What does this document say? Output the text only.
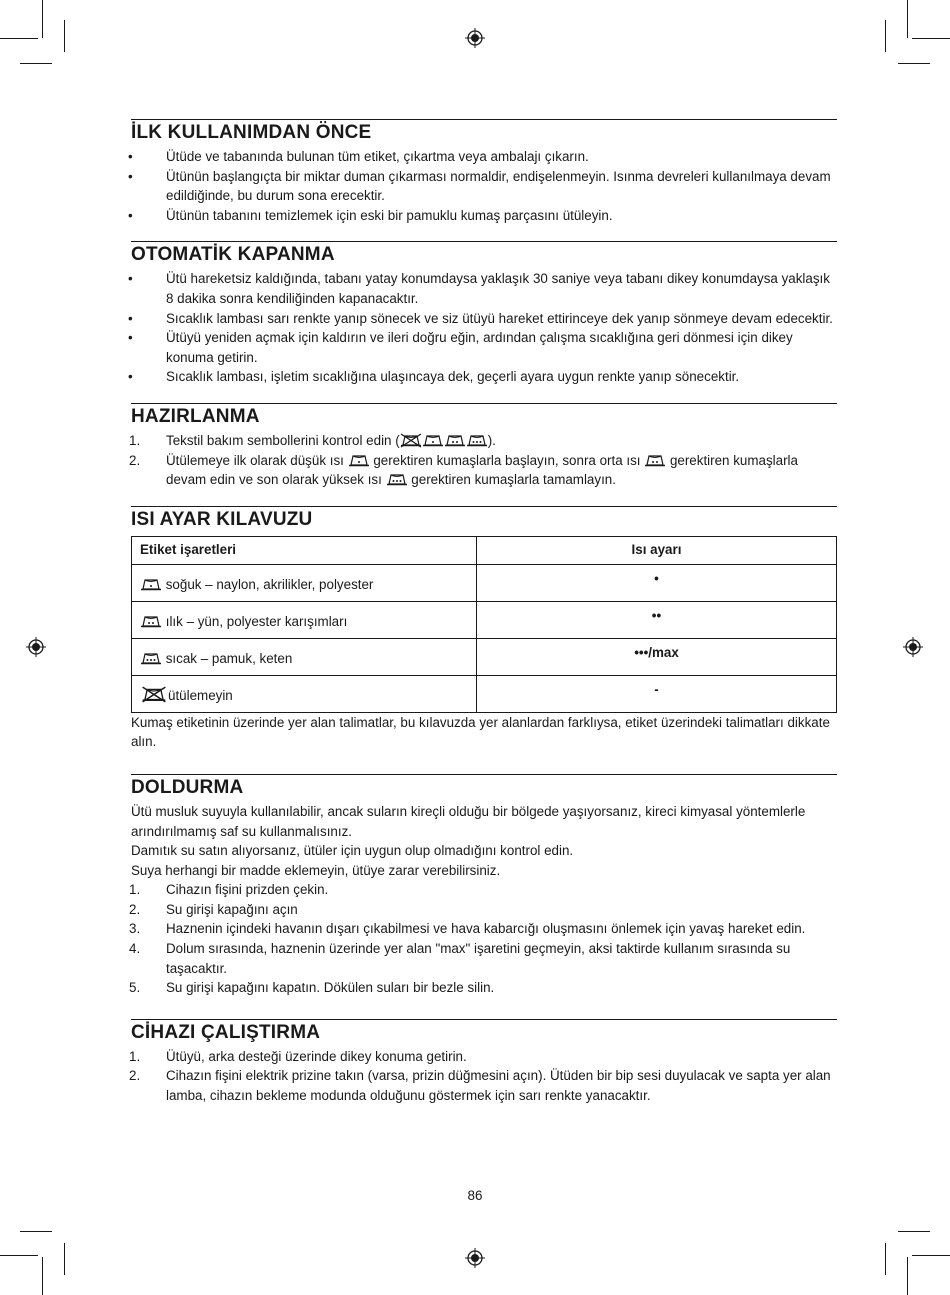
İLK KULLANIMDAN ÖNCE
• Ütüde ve tabanında bulunan tüm etiket, çıkartma veya ambalajı çıkarın.
• Ütünün başlangıçta bir miktar duman çıkarması normaldir, endişelenmeyin. Isınma devreleri kullanılmaya devam edildiğinde, bu durum sona erecektir.
• Ütünün tabanını temizlemek için eski bir pamuklu kumaş parçasını ütüleyin.
OTOMATİK KAPANMA
• Ütü hareketsiz kaldığında, tabanı yatay konumdaysa yaklaşık 30 saniye veya tabanı dikey konumdaysa yaklaşık 8 dakika sonra kendiliğinden kapanacaktır.
• Sıcaklık lambası sarı renkte yanıp sönecek ve siz ütüyü hareket ettirinceye dek yanıp sönmeye devam edecektir.
• Ütüyü yeniden açmak için kaldırın ve ileri doğru eğin, ardından çalışma sıcaklığına geri dönmesi için dikey konuma getirin.
• Sıcaklık lambası, işletim sıcaklığına ulaşıncaya dek, geçerli ayara uygun renkte yanıp sönecektir.
HAZIRLANMA
1. Tekstil bakım sembollerini kontrol edin (	).
2. Ütülemeye ilk olarak düşük ısı  gerektiren kumaşlarla başlayın, sonra orta ısı  gerektiren kumaşlarla devam edin ve son olarak yüksek ısı  gerektiren kumaşlarla tamamlayın.
ISI AYAR KILAVUZU
Etiket işaretleri	Isı ayarı
soğuk – naylon, akrilikler, polyester	•
ılık – yün, polyester karışımları	••
sıcak – pamuk, keten	•••/max
ütülemeyin	-

Kumaş etiketinin üzerinde yer alan talimatlar, bu kılavuzda yer alanlardan farklıysa, etiket üzerindeki talimatları dikkate alın.

DOLDURMA

Ütü musluk suyuyla kullanılabilir, ancak suların kireçli olduğu bir bölgede yaşıyorsanız, kireci kimyasal yöntemlerle arındırılmamış saf su kullanmalısınız.

Damıtık su satın alıyorsanız, ütüler için uygun olup olmadığını kontrol edin.

Suya herhangi bir madde eklemeyin, ütüye zarar verebilirsiniz.

1. Cihazın fişini prizden çekin.
2. Su girişi kapağını açın
3. Haznenin içindeki havanın dışarı çıkabilmesi ve hava kabarcığı oluşmasını önlemek için yavaş hareket edin.
4. Dolum sırasında, haznenin üzerinde yer alan "max" işaretini geçmeyin, aksi taktirde kullanım sırasında su taşacaktır.
5. Su girişi kapağını kapatın. Dökülen suları bir bezle silin.
CİHAZI ÇALIŞTIRMA
1. Ütüyü, arka desteği üzerinde dikey konuma getirin.
2. Cihazın fişini elektrik prizine takın (varsa, prizin düğmesini açın). Ütüden bir bip sesi duyulacak ve sapta yer alan lamba, cihazın bekleme modunda olduğunu göstermek için sarı renkte yanacaktır.
86
